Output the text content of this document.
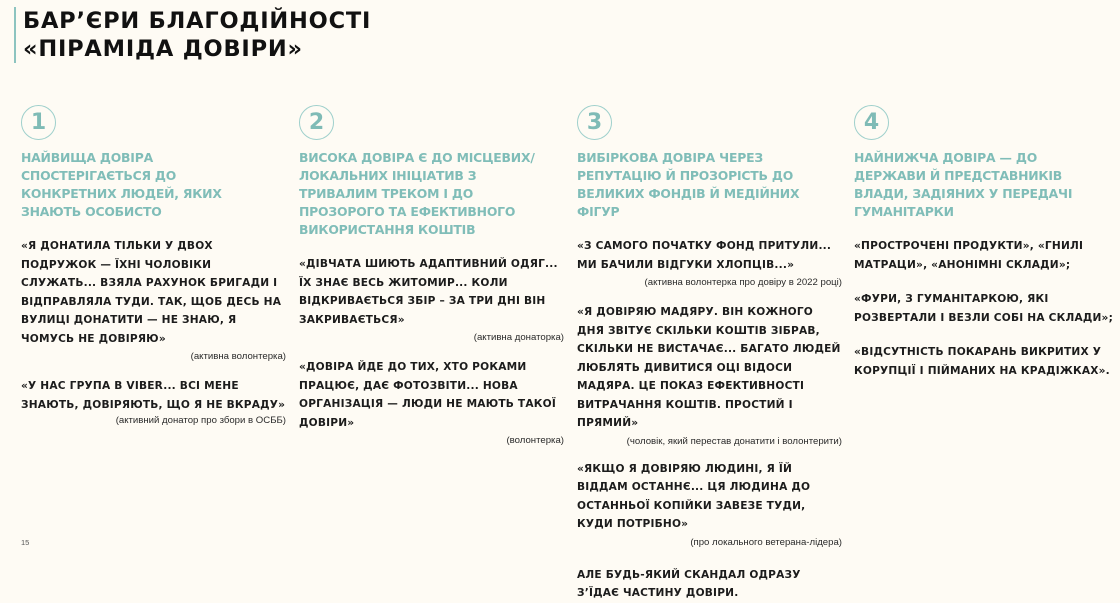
БАР’ЄРИ БЛАГОДІЙНОСТІ
«ПІРАМІДА ДОВІРИ»
1

НАЙВИЩА ДОВІРА СПОСТЕРІГАЄТЬСЯ ДО КОНКРЕТНИХ ЛЮДЕЙ, ЯКИХ ЗНАЮТЬ ОСОБИСТО

«Я ДОНАТИЛА ТІЛЬКИ У ДВОХ ПОДРУЖОК — ЇХНІ ЧОЛОВІКИ СЛУЖАТЬ... ВЗЯЛА РАХУНОК БРИГАДИ І ВІДПРАВЛЯЛА ТУДИ. ТАК, ЩОБ ДЕСЬ НА ВУЛИЦІ ДОНАТИТИ — НЕ ЗНАЮ, Я ЧОМУСЬ НЕ ДОВІРЯЮ»

(активна волонтерка)

«У НАС ГРУПА В VIBER... ВСІ МЕНЕ ЗНАЮТЬ, ДОВІРЯЮТЬ, ЩО Я НЕ ВКРАДУ»

(активний донатор про збори в ОСББ)

2

ВИСОКА ДОВІРА Є ДО МІСЦЕВИХ/ ЛОКАЛЬНИХ ІНІЦІАТИВ З ТРИВАЛИМ ТРЕКОМ І ДО ПРОЗОРОГО ТА ЕФЕКТИВНОГО ВИКОРИСТАННЯ КОШТІВ

«ДІВЧАТА ШИЮТЬ АДАПТИВНИЙ ОДЯГ... ЇХ ЗНАЄ ВЕСЬ ЖИТОМИР... КОЛИ ВІДКРИВАЄТЬСЯ ЗБІР – ЗА ТРИ ДНІ ВІН ЗАКРИВАЄТЬСЯ»

(активна донаторка)

«ДОВІРА ЙДЕ ДО ТИХ, ХТО РОКАМИ ПРАЦЮЄ, ДАЄ ФОТОЗВІТИ... НОВА ОРГАНІЗАЦІЯ — ЛЮДИ НЕ МАЮТЬ ТАКОЇ ДОВІРИ»

(волонтерка)

3

ВИБІРКОВА ДОВІРА ЧЕРЕЗ РЕПУТАЦІЮ Й ПРОЗОРІСТЬ ДО ВЕЛИКИХ ФОНДІВ Й МЕДІЙНИХ ФІГУР

«З САМОГО ПОЧАТКУ ФОНД ПРИТУЛИ... МИ БАЧИЛИ ВІДГУКИ ХЛОПЦІВ...»

(активна волонтерка про довіру в 2022 році)

«Я ДОВІРЯЮ МАДЯРУ. ВІН КОЖНОГО ДНЯ ЗВІТУЄ СКІЛЬКИ КОШТІВ ЗІБРАВ, СКІЛЬКИ НЕ ВИСТАЧАЄ... БАГАТО ЛЮДЕЙ ЛЮБЛЯТЬ ДИВИТИСЯ ОЦІ ВІДОСИ МАДЯРА. ЦЕ ПОКАЗ ЕФЕКТИВНОСТІ ВИТРАЧАННЯ КОШТІВ. ПРОСТИЙ І ПРЯМИЙ»

(чоловік, який перестав донатити і волонтерити)

«ЯКЩО Я ДОВІРЯЮ ЛЮДИНІ, Я ЇЙ ВІДДАМ ОСТАННЄ... ЦЯ ЛЮДИНА ДО ОСТАННЬОЇ КОПІЙКИ ЗАВЕЗЕ ТУДИ, КУДИ ПОТРІБНО»

(про локального ветерана-лідера)

АЛЕ БУДЬ-ЯКИЙ СКАНДАЛ ОДРАЗУ З’ЇДАЄ ЧАСТИНУ ДОВІРИ.

4

НАЙНИЖЧА ДОВІРА — ДО ДЕРЖАВИ Й ПРЕДСТАВНИКІВ ВЛАДИ, ЗАДІЯНИХ У ПЕРЕДАЧІ ГУМАНІТАРКИ

«ПРОСТРОЧЕНІ ПРОДУКТИ», «ГНИЛІ МАТРАЦИ», «АНОНІМНІ СКЛАДИ»;

«ФУРИ, З ГУМАНІТАРКОЮ, ЯКІ РОЗВЕРТАЛИ І ВЕЗЛИ СОБІ НА СКЛАДИ»;

«ВІДСУТНІСТЬ ПОКАРАНЬ ВИКРИТИХ У КОРУПЦІЇ І ПІЙМАНИХ НА КРАДІЖКАХ».

15
